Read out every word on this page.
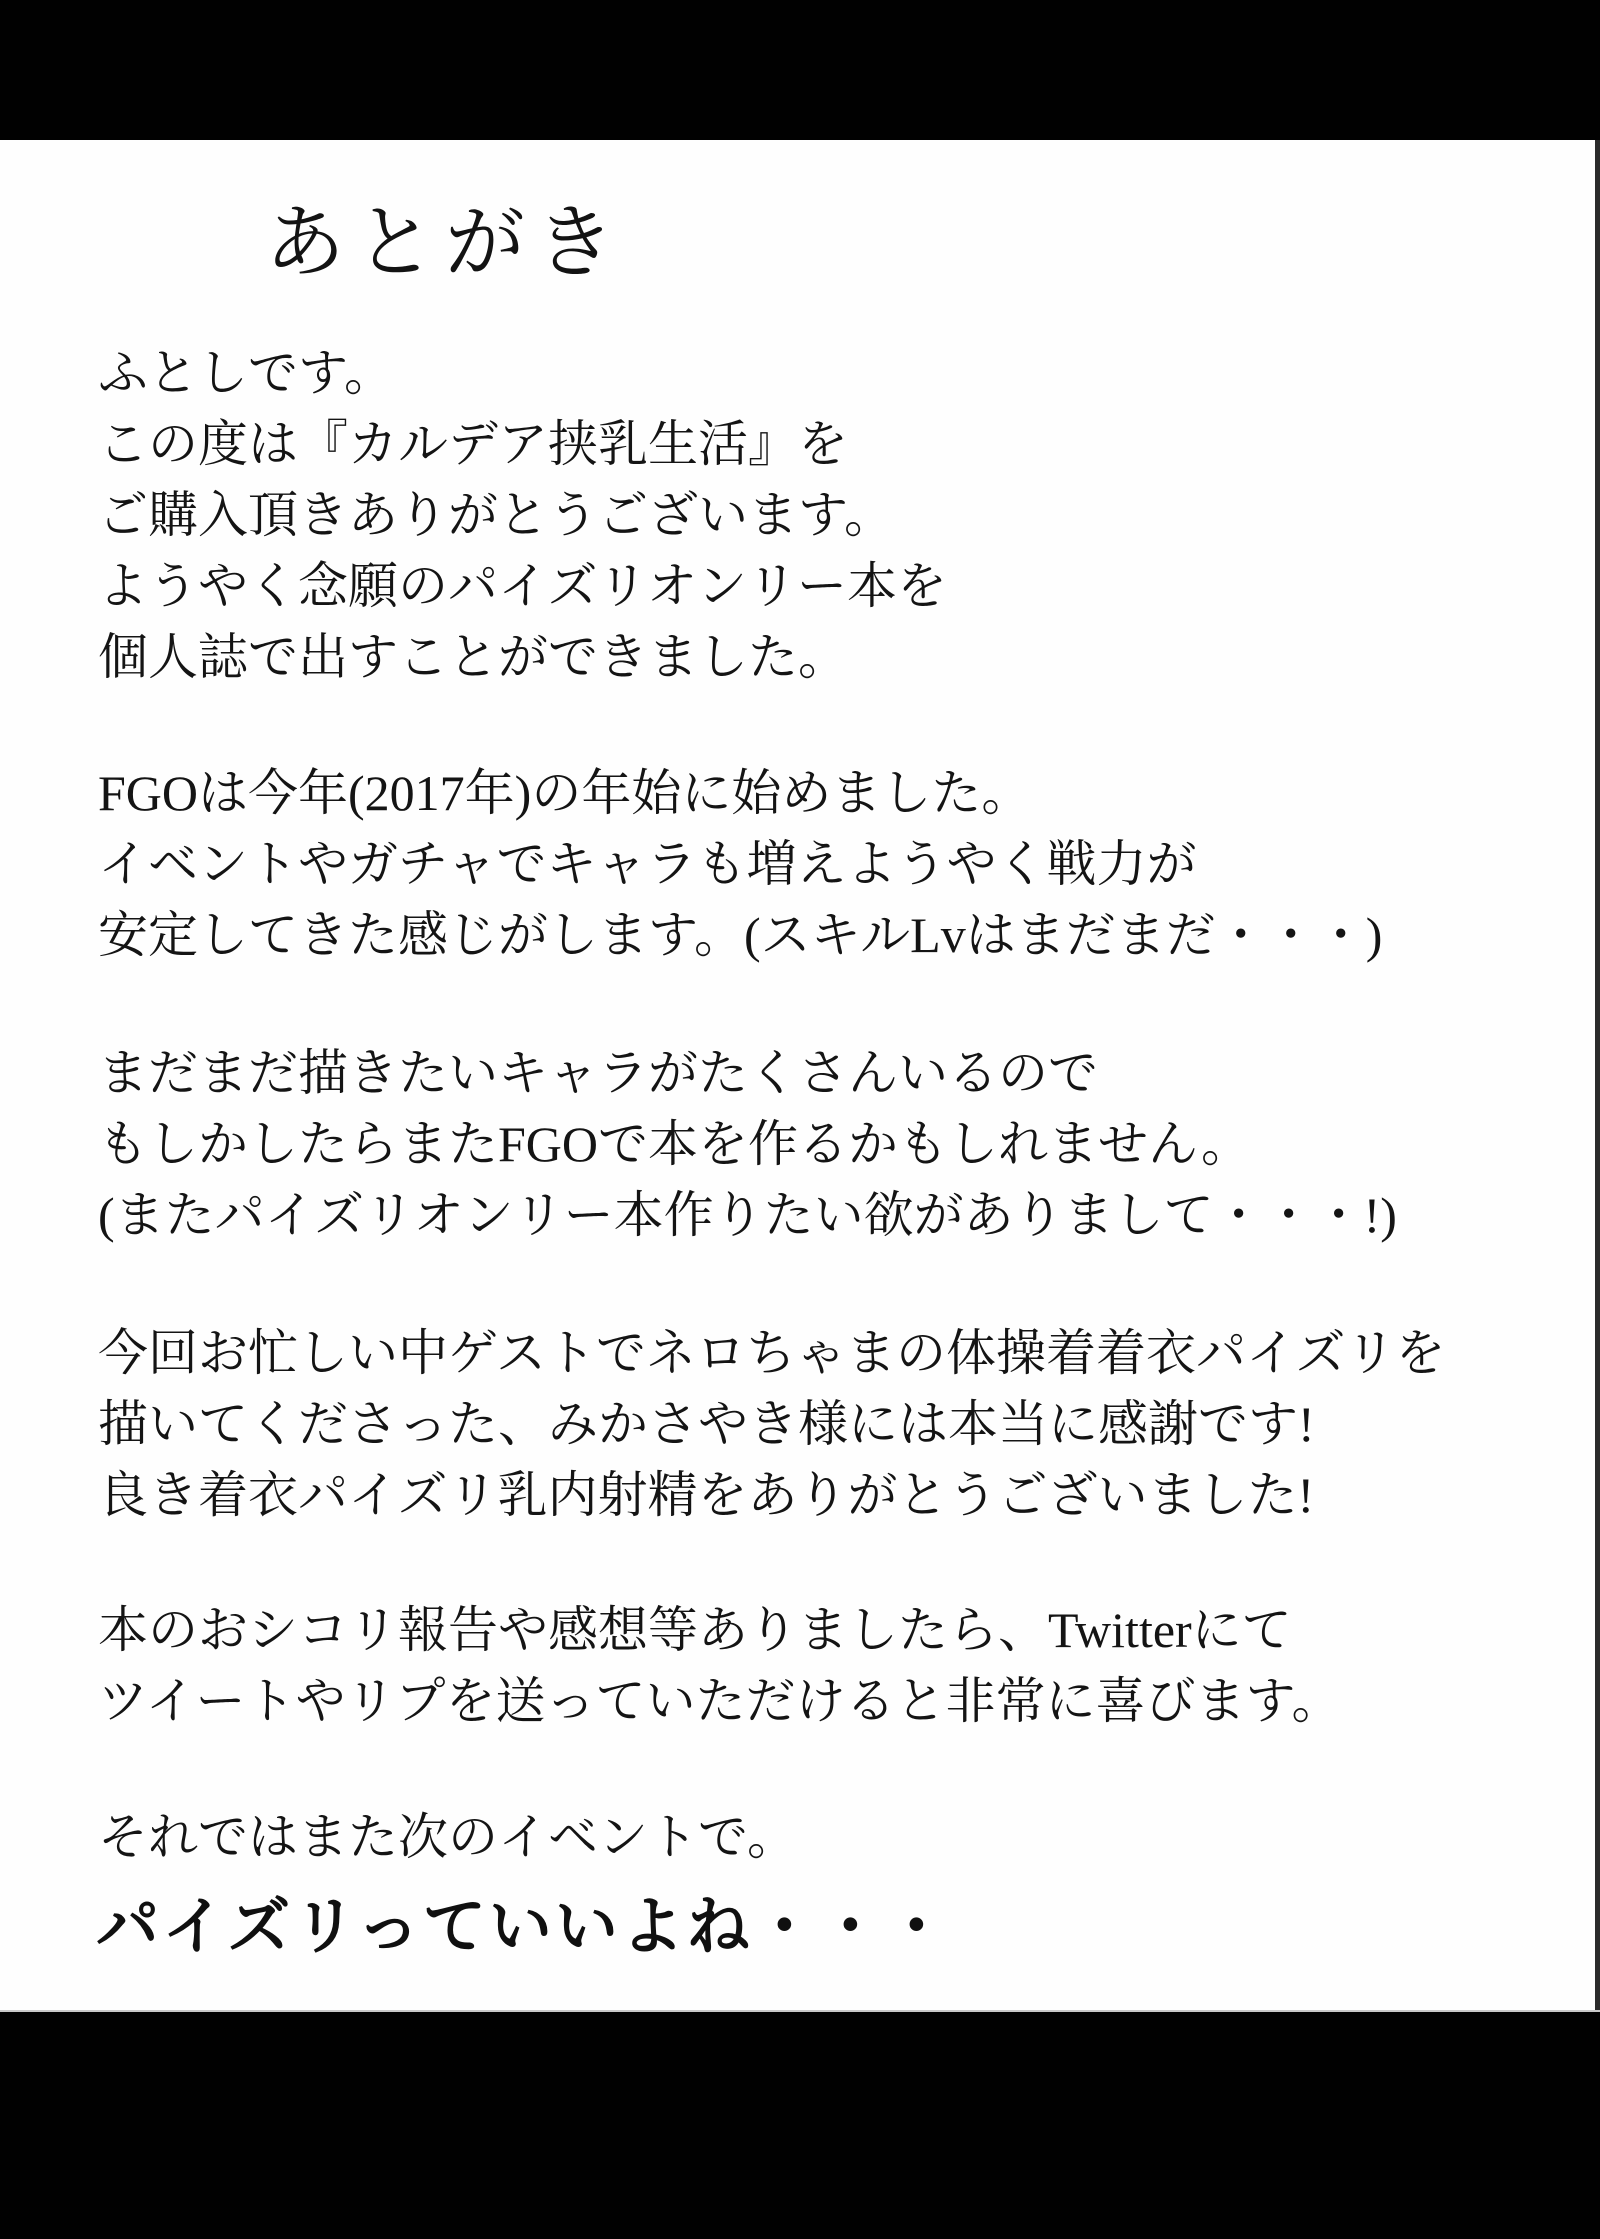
あとがき

ふとしです。
この度は『カルデア挟乳生活』を
ご購入頂きありがとうございます。
ようやく念願のパイズリオンリー本を
個人誌で出すことができました。

FGOは今年(2017年)の年始に始めました。
イベントやガチャでキャラも増えようやく戦力が
安定してきた感じがします。(スキルLvはまだまだ・・・)

まだまだ描きたいキャラがたくさんいるので
もしかしたらまたFGOで本を作るかもしれません。
(またパイズリオンリー本作りたい欲がありまして・・・!)

今回お忙しい中ゲストでネロちゃまの体操着着衣パイズリを
描いてくださった、みかさやき様には本当に感謝です!
良き着衣パイズリ乳内射精をありがとうございました!

本のおシコリ報告や感想等ありましたら、Twitterにて
ツイートやリプを送っていただけると非常に喜びます。

それではまた次のイベントで。

パイズリっていいよね・・・
